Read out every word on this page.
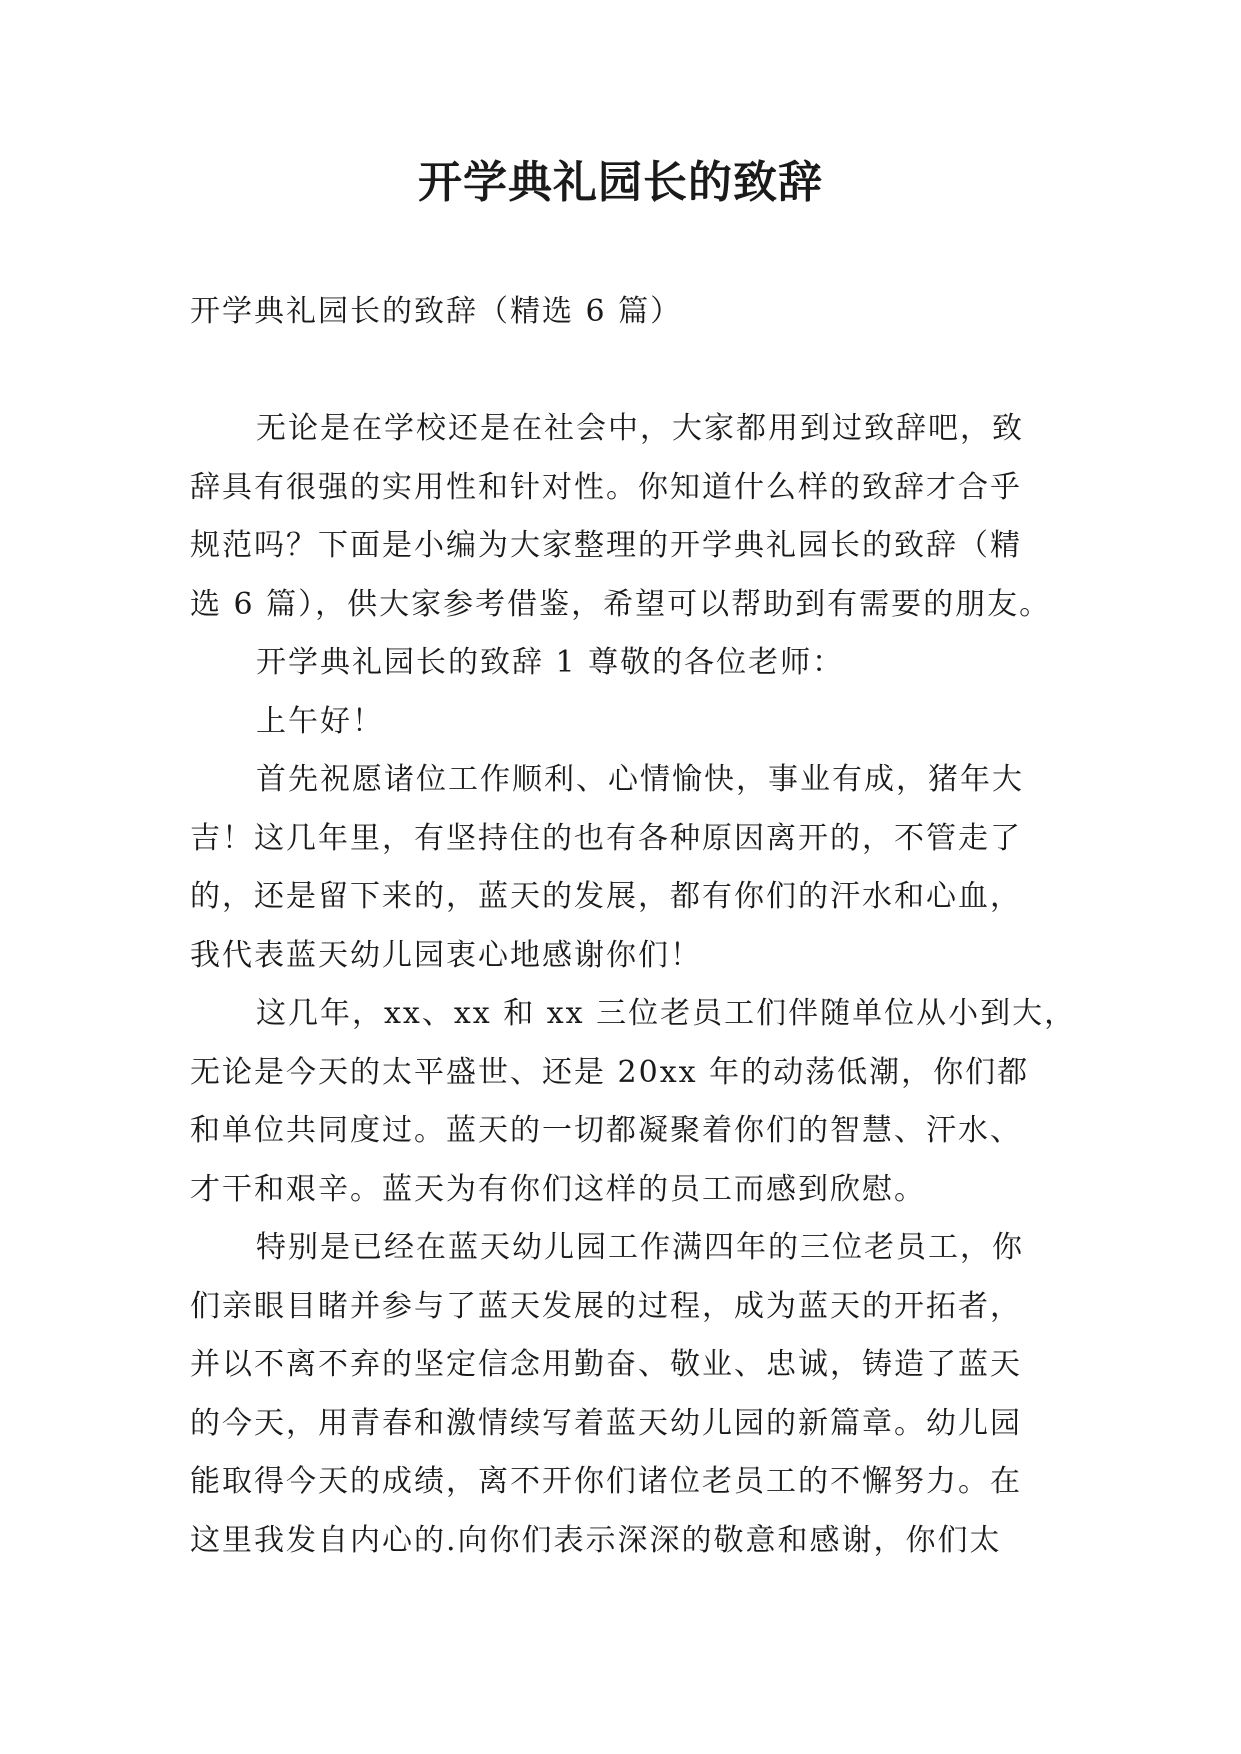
开学典礼园长的致辞
开学典礼园长的致辞（精选 6 篇）
无论是在学校还是在社会中，大家都用到过致辞吧，致
辞具有很强的实用性和针对性。你知道什么样的致辞才合乎
规范吗？下面是小编为大家整理的开学典礼园长的致辞（精
选 6 篇），供大家参考借鉴，希望可以帮助到有需要的朋友。
开学典礼园长的致辞 1 尊敬的各位老师：
上午好！
首先祝愿诸位工作顺利、心情愉快，事业有成，猪年大
吉！这几年里，有坚持住的也有各种原因离开的，不管走了
的，还是留下来的，蓝天的发展，都有你们的汗水和心血，
我代表蓝天幼儿园衷心地感谢你们！
这几年，xx、xx 和 xx 三位老员工们伴随单位从小到大，
无论是今天的太平盛世、还是 20xx 年的动荡低潮，你们都
和单位共同度过。蓝天的一切都凝聚着你们的智慧、汗水、
才干和艰辛。蓝天为有你们这样的员工而感到欣慰。
特别是已经在蓝天幼儿园工作满四年的三位老员工，你
们亲眼目睹并参与了蓝天发展的过程，成为蓝天的开拓者，
并以不离不弃的坚定信念用勤奋、敬业、忠诚，铸造了蓝天
的今天，用青春和激情续写着蓝天幼儿园的新篇章。幼儿园
能取得今天的成绩，离不开你们诸位老员工的不懈努力。在
这里我发自内心的.向你们表示深深的敬意和感谢，你们太
